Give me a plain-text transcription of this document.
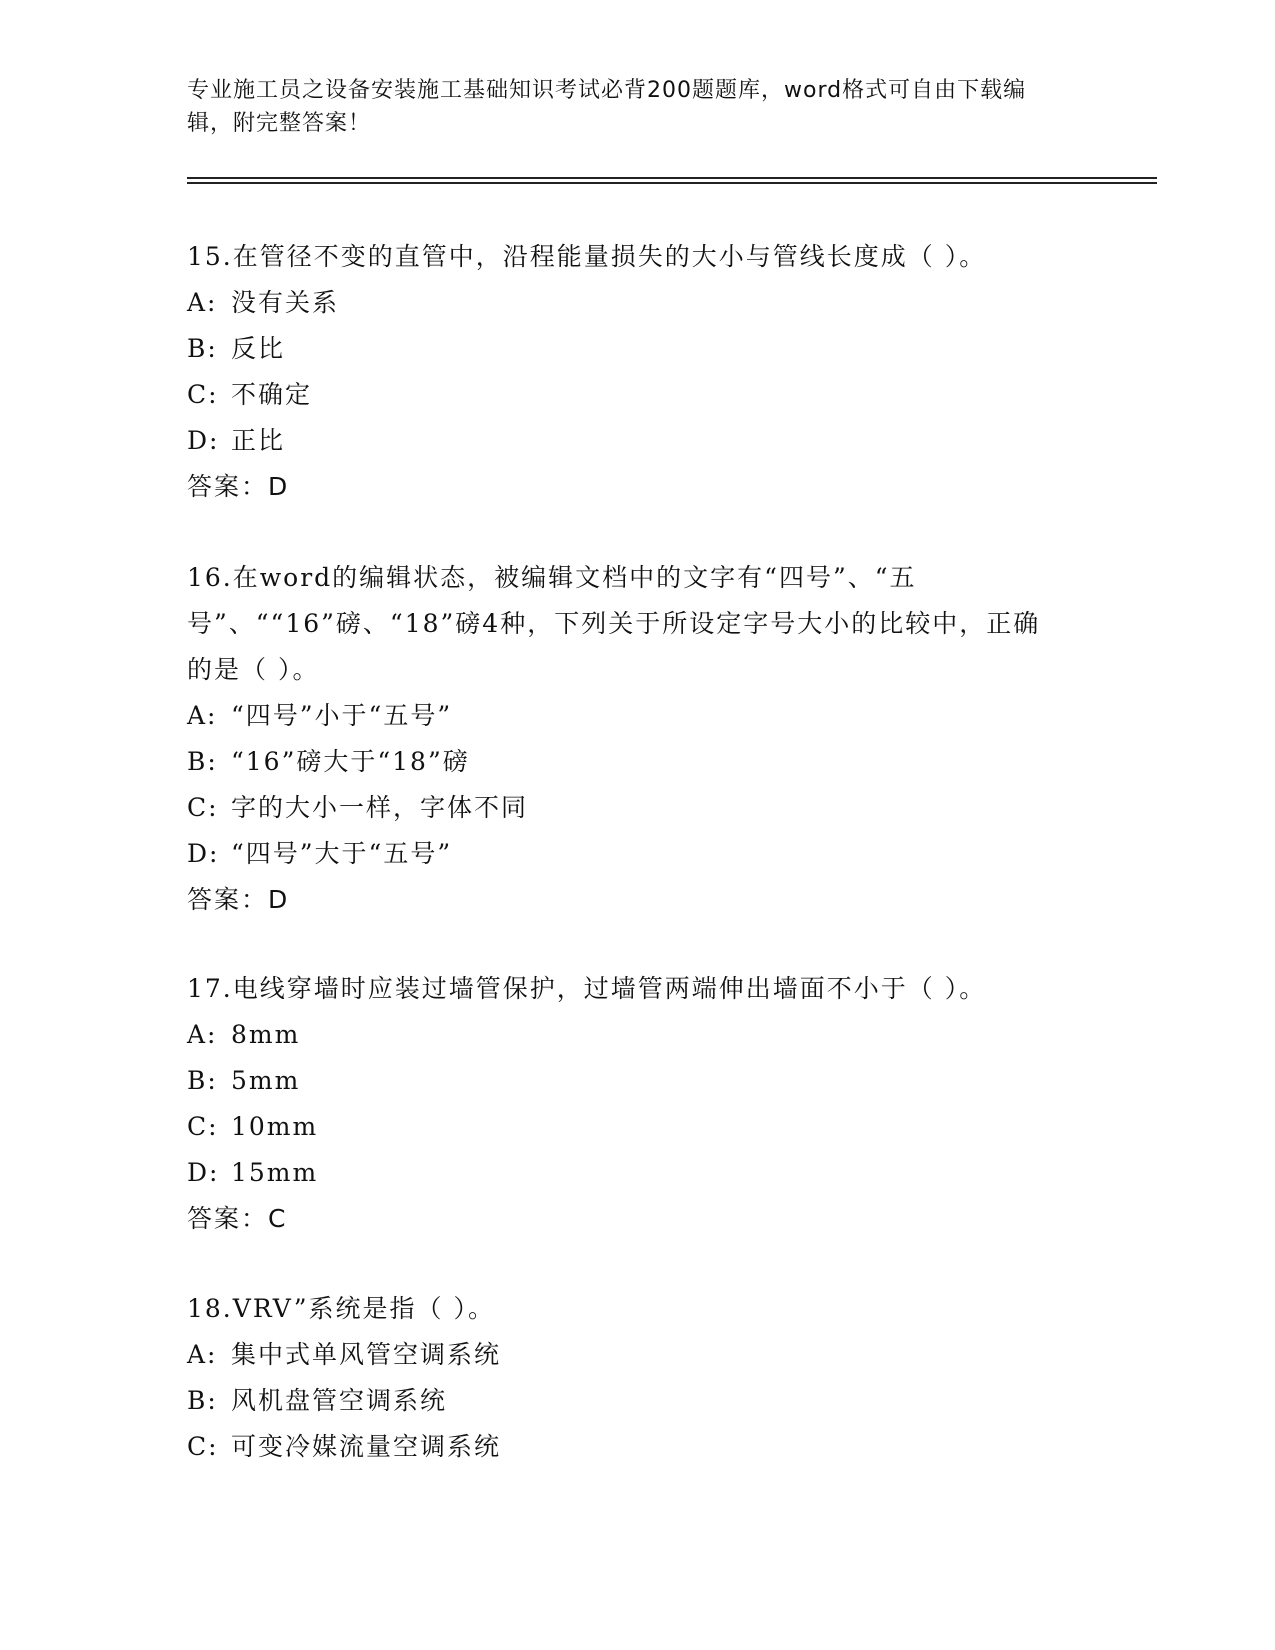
专业施工员之设备安装施工基础知识考试必背200题题库，word格式可自由下载编辑，附完整答案！
15.在管径不变的直管中，沿程能量损失的大小与管线长度成（ ）。
A: 没有关系
B: 反比
C: 不确定
D: 正比
答案：D
16.在word的编辑状态，被编辑文档中的文字有“四号”、“五号”、““16”磅、“18”磅4种，下列关于所设定字号大小的比较中，正确的是（ ）。
A: “四号”小于“五号”
B: “16”磅大于“18”磅
C: 字的大小一样，字体不同
D: “四号”大于“五号”
答案：D
17.电线穿墙时应装过墙管保护，过墙管两端伸出墙面不小于（ ）。
A: 8mm
B: 5mm
C: 10mm
D: 15mm
答案：C
18.VRV”系统是指（ ）。
A: 集中式单风管空调系统
B: 风机盘管空调系统
C: 可变冷媒流量空调系统
